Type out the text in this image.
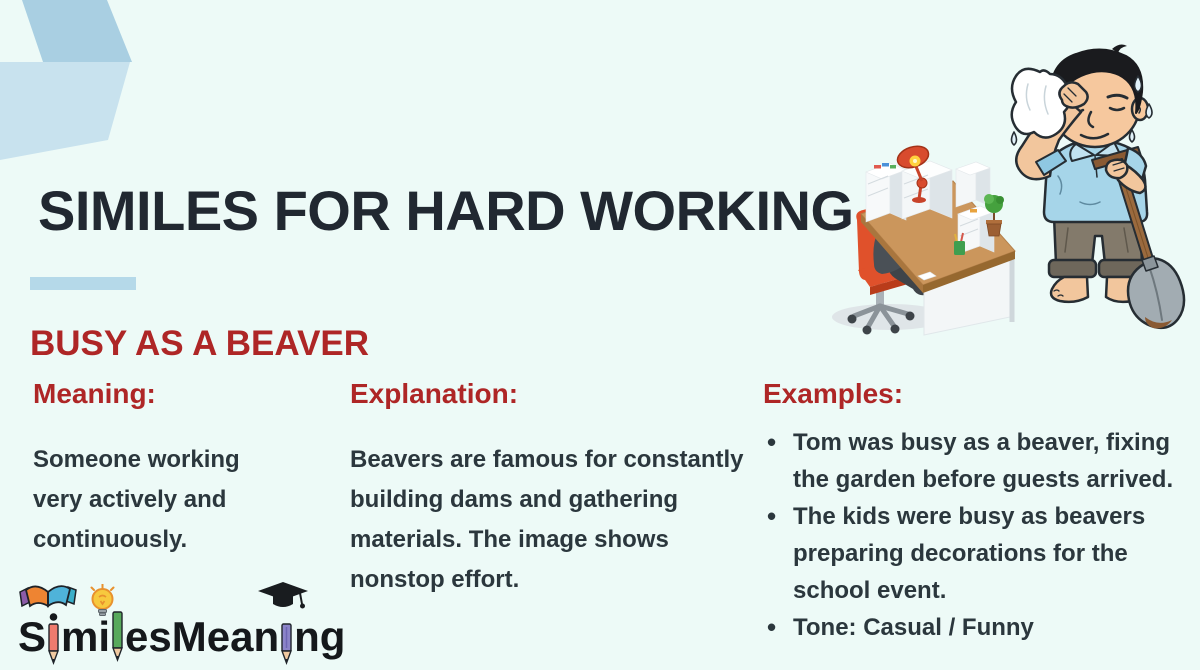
SIMILES FOR HARD WORKING
BUSY AS A BEAVER
Meaning:

Someone working very actively and continuously.

Explanation:

Beavers are famous for constantly building dams and gathering materials. The image shows nonstop effort.

Examples:
• Tom was busy as a beaver, fixing the garden before guests arrived.
• The kids were busy as beavers preparing decorations for the school event.
• Tone: Casual / Funny
S m i es Mean ng
